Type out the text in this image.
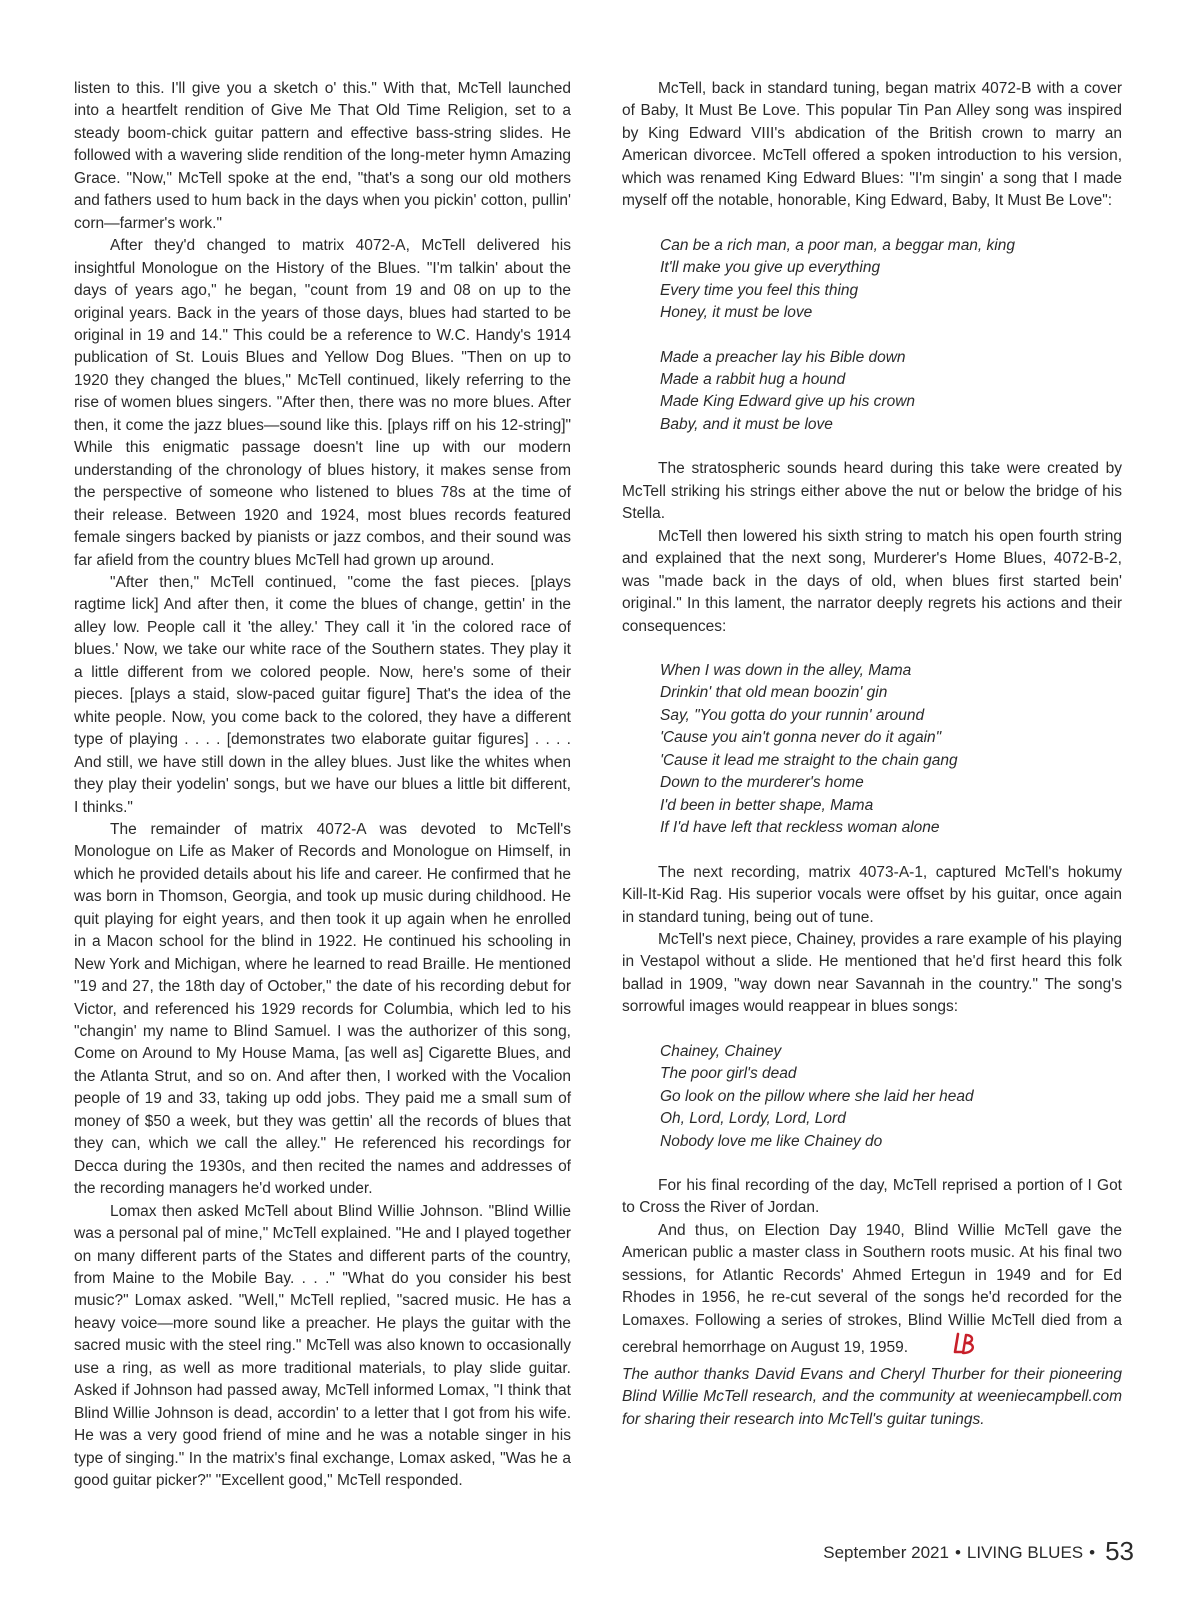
listen to this. I'll give you a sketch o' this." With that, McTell launched into a heartfelt rendition of Give Me That Old Time Religion, set to a steady boom-chick guitar pattern and effective bass-string slides. He followed with a wavering slide rendition of the long-meter hymn Amazing Grace. "Now," McTell spoke at the end, "that's a song our old mothers and fathers used to hum back in the days when you pickin' cotton, pullin' corn—farmer's work."

After they'd changed to matrix 4072-A, McTell delivered his insightful Monologue on the History of the Blues. "I'm talkin' about the days of years ago," he began, "count from 19 and 08 on up to the original years. Back in the years of those days, blues had started to be original in 19 and 14." This could be a reference to W.C. Handy's 1914 publication of St. Louis Blues and Yellow Dog Blues. "Then on up to 1920 they changed the blues," McTell continued, likely referring to the rise of women blues singers. "After then, there was no more blues. After then, it come the jazz blues—sound like this. [plays riff on his 12-string]" While this enigmatic passage doesn't line up with our modern understanding of the chronology of blues history, it makes sense from the perspective of someone who listened to blues 78s at the time of their release. Between 1920 and 1924, most blues records featured female singers backed by pianists or jazz combos, and their sound was far afield from the country blues McTell had grown up around.

"After then," McTell continued, "come the fast pieces. [plays ragtime lick] And after then, it come the blues of change, gettin' in the alley low. People call it 'the alley.' They call it 'in the colored race of blues.' Now, we take our white race of the Southern states. They play it a little different from we colored people. Now, here's some of their pieces. [plays a staid, slow-paced guitar figure] That's the idea of the white people. Now, you come back to the colored, they have a different type of playing . . . . [demonstrates two elaborate guitar figures] . . . . And still, we have still down in the alley blues. Just like the whites when they play their yodelin' songs, but we have our blues a little bit different, I thinks."

The remainder of matrix 4072-A was devoted to McTell's Monologue on Life as Maker of Records and Monologue on Himself, in which he provided details about his life and career. He confirmed that he was born in Thomson, Georgia, and took up music during childhood. He quit playing for eight years, and then took it up again when he enrolled in a Macon school for the blind in 1922. He continued his schooling in New York and Michigan, where he learned to read Braille. He mentioned "19 and 27, the 18th day of October," the date of his recording debut for Victor, and referenced his 1929 records for Columbia, which led to his "changin' my name to Blind Samuel. I was the authorizer of this song, Come on Around to My House Mama, [as well as] Cigarette Blues, and the Atlanta Strut, and so on. And after then, I worked with the Vocalion people of 19 and 33, taking up odd jobs. They paid me a small sum of money of $50 a week, but they was gettin' all the records of blues that they can, which we call the alley." He referenced his recordings for Decca during the 1930s, and then recited the names and addresses of the recording managers he'd worked under.

Lomax then asked McTell about Blind Willie Johnson. "Blind Willie was a personal pal of mine," McTell explained. "He and I played together on many different parts of the States and different parts of the country, from Maine to the Mobile Bay. . . ." "What do you consider his best music?" Lomax asked. "Well," McTell replied, "sacred music. He has a heavy voice—more sound like a preacher. He plays the guitar with the sacred music with the steel ring." McTell was also known to occasionally use a ring, as well as more traditional materials, to play slide guitar. Asked if Johnson had passed away, McTell informed Lomax, "I think that Blind Willie Johnson is dead, accordin' to a letter that I got from his wife. He was a very good friend of mine and he was a notable singer in his type of singing." In the matrix's final exchange, Lomax asked, "Was he a good guitar picker?" "Excellent good," McTell responded.

McTell, back in standard tuning, began matrix 4072-B with a cover of Baby, It Must Be Love. This popular Tin Pan Alley song was inspired by King Edward VIII's abdication of the British crown to marry an American divorcee. McTell offered a spoken introduction to his version, which was renamed King Edward Blues: "I'm singin' a song that I made myself off the notable, honorable, King Edward, Baby, It Must Be Love":

Can be a rich man, a poor man, a beggar man, king
It'll make you give up everything
Every time you feel this thing
Honey, it must be love
Made a preacher lay his Bible down
Made a rabbit hug a hound
Made King Edward give up his crown
Baby, and it must be love

The stratospheric sounds heard during this take were created by McTell striking his strings either above the nut or below the bridge of his Stella.

McTell then lowered his sixth string to match his open fourth string and explained that the next song, Murderer's Home Blues, 4072-B-2, was "made back in the days of old, when blues first started bein' original." In this lament, the narrator deeply regrets his actions and their consequences:

When I was down in the alley, Mama
Drinkin' that old mean boozin' gin
Say, "You gotta do your runnin' around
'Cause you ain't gonna never do it again"
'Cause it lead me straight to the chain gang
Down to the murderer's home
I'd been in better shape, Mama
If I'd have left that reckless woman alone

The next recording, matrix 4073-A-1, captured McTell's hokumy Kill-It-Kid Rag. His superior vocals were offset by his guitar, once again in standard tuning, being out of tune.

McTell's next piece, Chainey, provides a rare example of his playing in Vestapol without a slide. He mentioned that he'd first heard this folk ballad in 1909, "way down near Savannah in the country." The song's sorrowful images would reappear in blues songs:

Chainey, Chainey
The poor girl's dead
Go look on the pillow where she laid her head
Oh, Lord, Lordy, Lord, Lord
Nobody love me like Chainey do

For his final recording of the day, McTell reprised a portion of I Got to Cross the River of Jordan.

And thus, on Election Day 1940, Blind Willie McTell gave the American public a master class in Southern roots music. At his final two sessions, for Atlantic Records' Ahmed Ertegun in 1949 and for Ed Rhodes in 1956, he re-cut several of the songs he'd recorded for the Lomaxes. Following a series of strokes, Blind Willie McTell died from a cerebral hemorrhage on August 19, 1959.

The author thanks David Evans and Cheryl Thurber for their pioneering Blind Willie McTell research, and the community at weeniecampbell.com for sharing their research into McTell's guitar tunings.

September 2021 • LIVING BLUES • 53
